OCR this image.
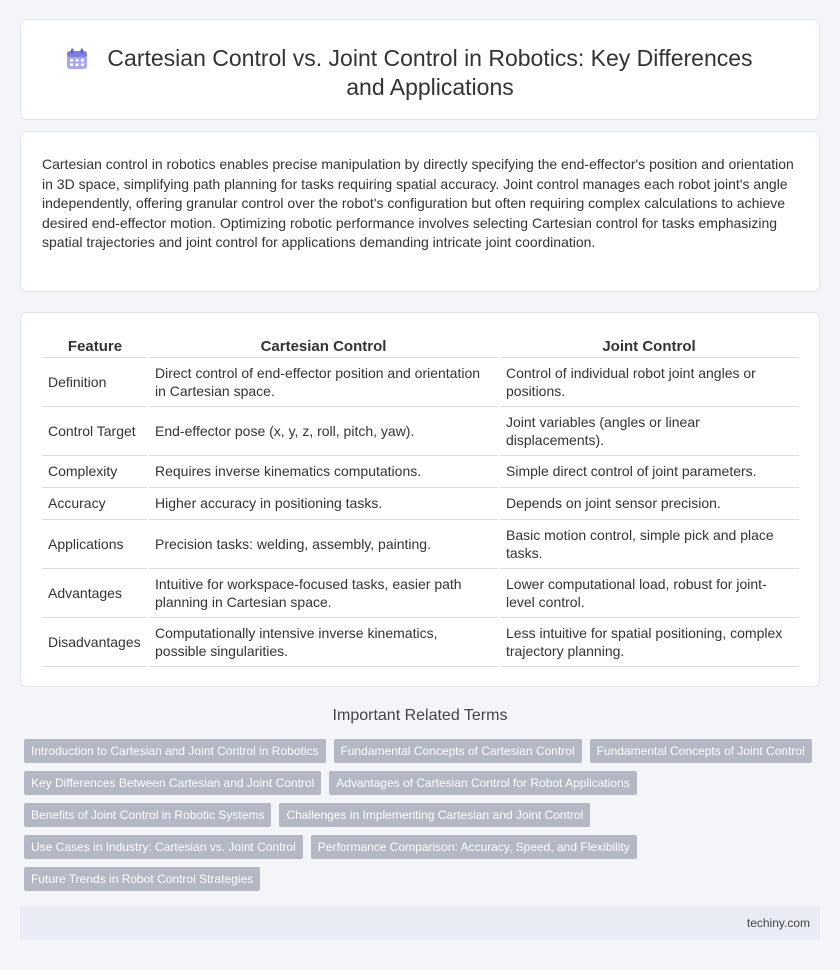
Cartesian Control vs. Joint Control in Robotics: Key Differences and Applications

Cartesian control in robotics enables precise manipulation by directly specifying the end-effector's position and orientation in 3D space, simplifying path planning for tasks requiring spatial accuracy. Joint control manages each robot joint's angle independently, offering granular control over the robot's configuration but often requiring complex calculations to achieve desired end-effector motion. Optimizing robotic performance involves selecting Cartesian control for tasks emphasizing spatial trajectories and joint control for applications demanding intricate joint coordination.

Feature	Cartesian Control	Joint Control
Definition	Direct control of end-effector position and orientation in Cartesian space.	Control of individual robot joint angles or positions.
Control Target	End-effector pose (x, y, z, roll, pitch, yaw).	Joint variables (angles or linear displacements).
Complexity	Requires inverse kinematics computations.	Simple direct control of joint parameters.
Accuracy	Higher accuracy in positioning tasks.	Depends on joint sensor precision.
Applications	Precision tasks: welding, assembly, painting.	Basic motion control, simple pick and place tasks.
Advantages	Intuitive for workspace-focused tasks, easier path planning in Cartesian space.	Lower computational load, robust for joint-level control.
Disadvantages	Computationally intensive inverse kinematics, possible singularities.	Less intuitive for spatial positioning, complex trajectory planning.
Important Related Terms
Introduction to Cartesian and Joint Control in Robotics	Fundamental Concepts of Cartesian Control	Fundamental Concepts of Joint Control
Key Differences Between Cartesian and Joint Control	Advantages of Cartesian Control for Robot Applications
Benefits of Joint Control in Robotic Systems	Challenges in Implementing Cartesian and Joint Control
Use Cases in Industry: Cartesian vs. Joint Control	Performance Comparison: Accuracy, Speed, and Flexibility
Future Trends in Robot Control Strategies
techiny.com
